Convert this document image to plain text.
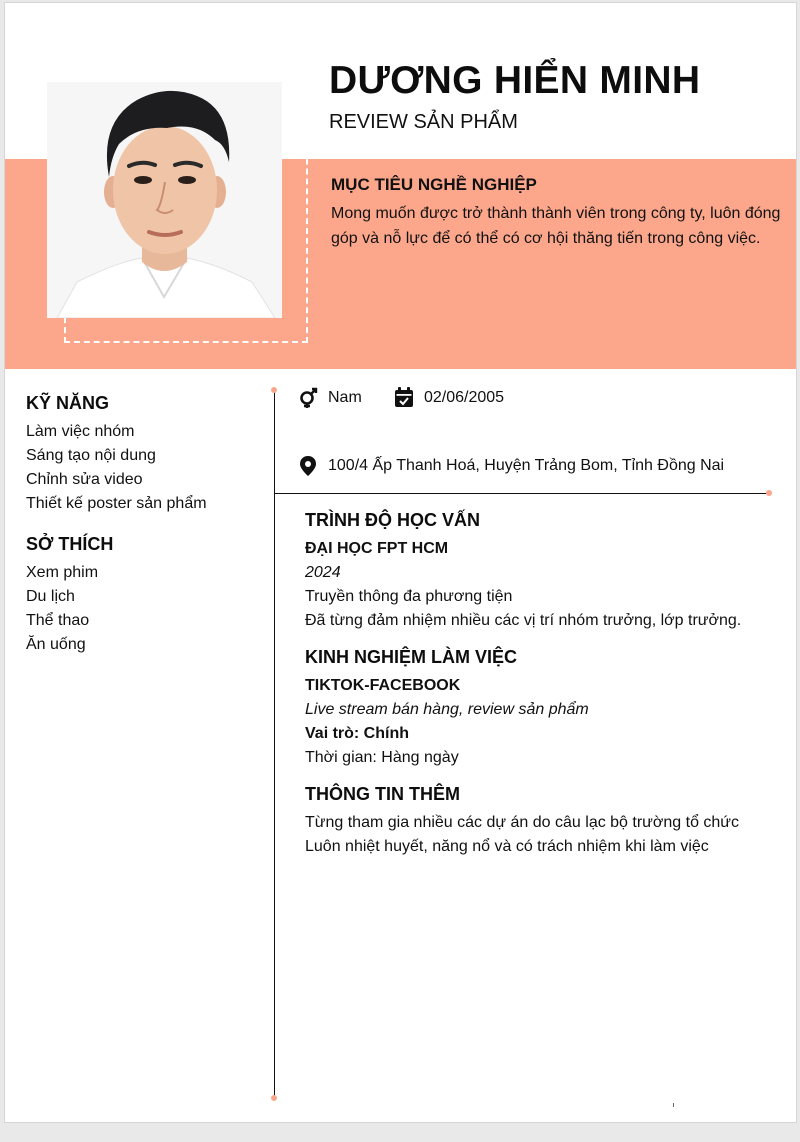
DƯƠNG HIỂN MINH
REVIEW SẢN PHẨM
MỤC TIÊU NGHỀ NGHIỆP
Mong muốn được trở thành thành viên trong công ty, luôn đóng góp và nỗ lực để có thể có cơ hội thăng tiến trong công việc.
KỸ NĂNG
Làm việc nhóm
Sáng tạo nội dung
Chỉnh sửa video
Thiết kế poster sản phẩm
SỞ THÍCH
Xem phim
Du lịch
Thể thao
Ăn uống
Nam	02/06/2005
100/4 Ấp Thanh Hoá, Huyện Trảng Bom, Tỉnh Đồng Nai
TRÌNH ĐỘ HỌC VẤN
ĐẠI HỌC FPT HCM
2024
Truyền thông đa phương tiện
Đã từng đảm nhiệm nhiều các vị trí nhóm trưởng, lớp trưởng.
KINH NGHIỆM LÀM VIỆC
TIKTOK-FACEBOOK
Live stream bán hàng, review sản phẩm
Vai trò: Chính
Thời gian: Hàng ngày
THÔNG TIN THÊM
Từng tham gia nhiều các dự án do câu lạc bộ trường tổ chức
Luôn nhiệt huyết, năng nổ và có trách nhiệm khi làm việc
